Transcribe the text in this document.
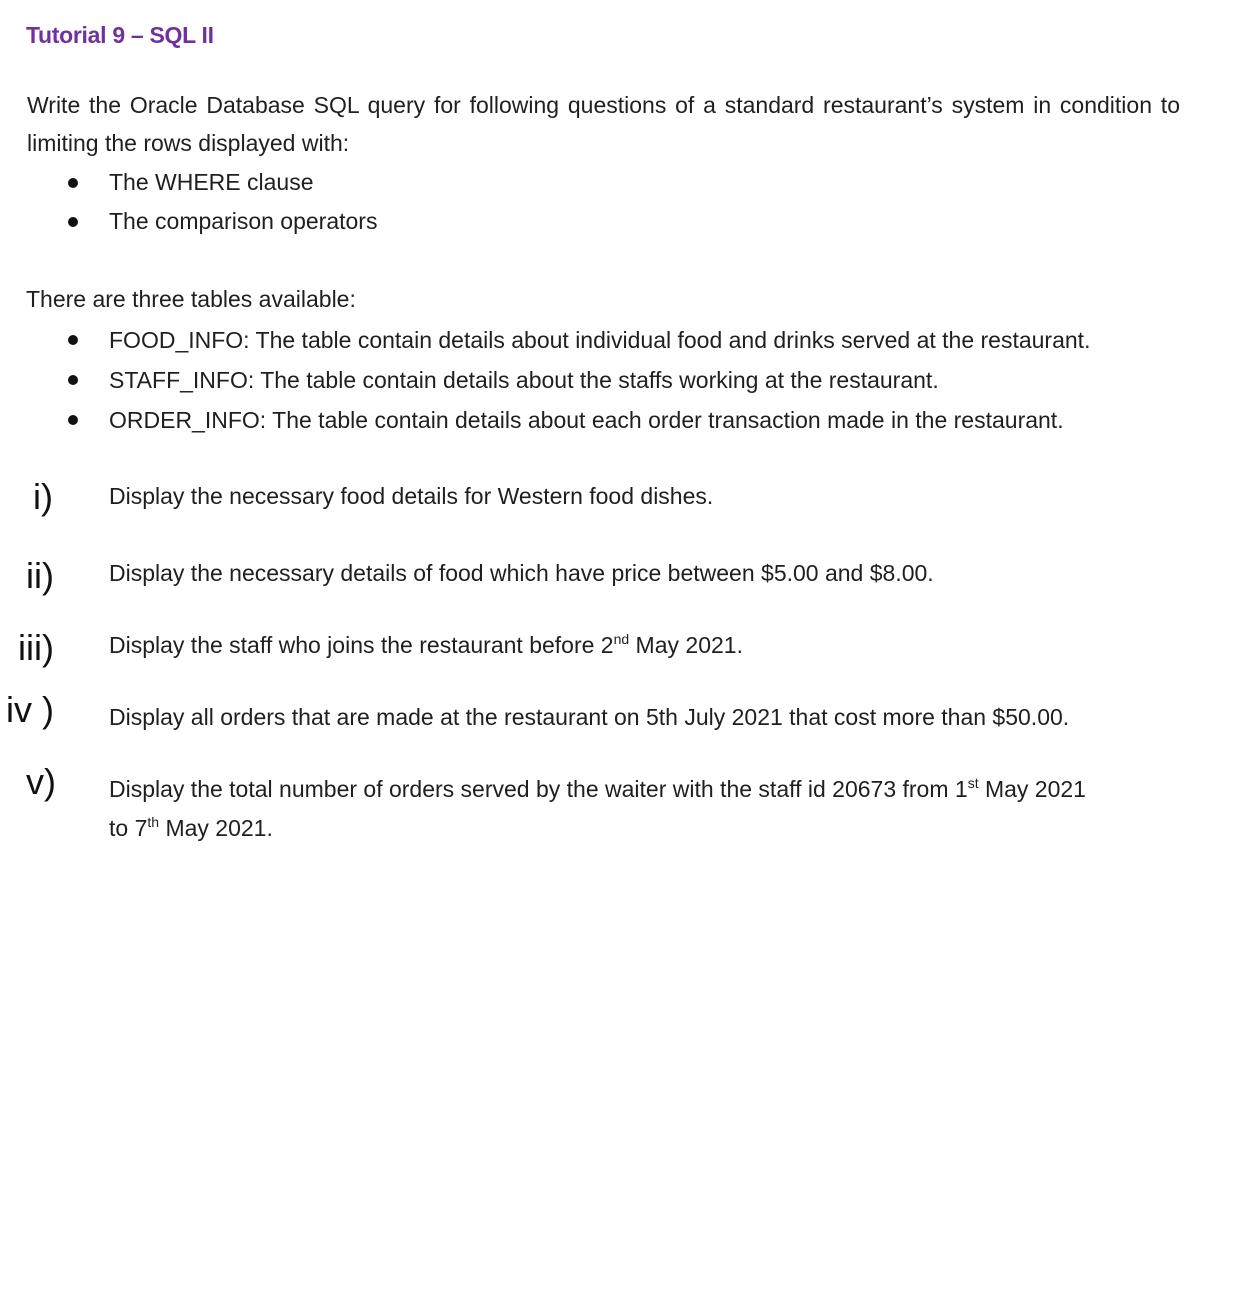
Tutorial 9 – SQL II
Write the Oracle Database SQL query for following questions of a standard restaurant’s system in condition to limiting the rows displayed with:
The WHERE clause
The comparison operators
There are three tables available:
FOOD_INFO: The table contain details about individual food and drinks served at the restaurant.
STAFF_INFO: The table contain details about the staffs working at the restaurant.
ORDER_INFO: The table contain details about each order transaction made in the restaurant.
i) Display the necessary food details for Western food dishes.
ii) Display the necessary details of food which have price between $5.00 and $8.00.
iii) Display the staff who joins the restaurant before 2nd May 2021.
iv ) Display all orders that are made at the restaurant on 5th July 2021 that cost more than $50.00.
v) Display the total number of orders served by the waiter with the staff id 20673 from 1st May 2021
to 7th May 2021.
